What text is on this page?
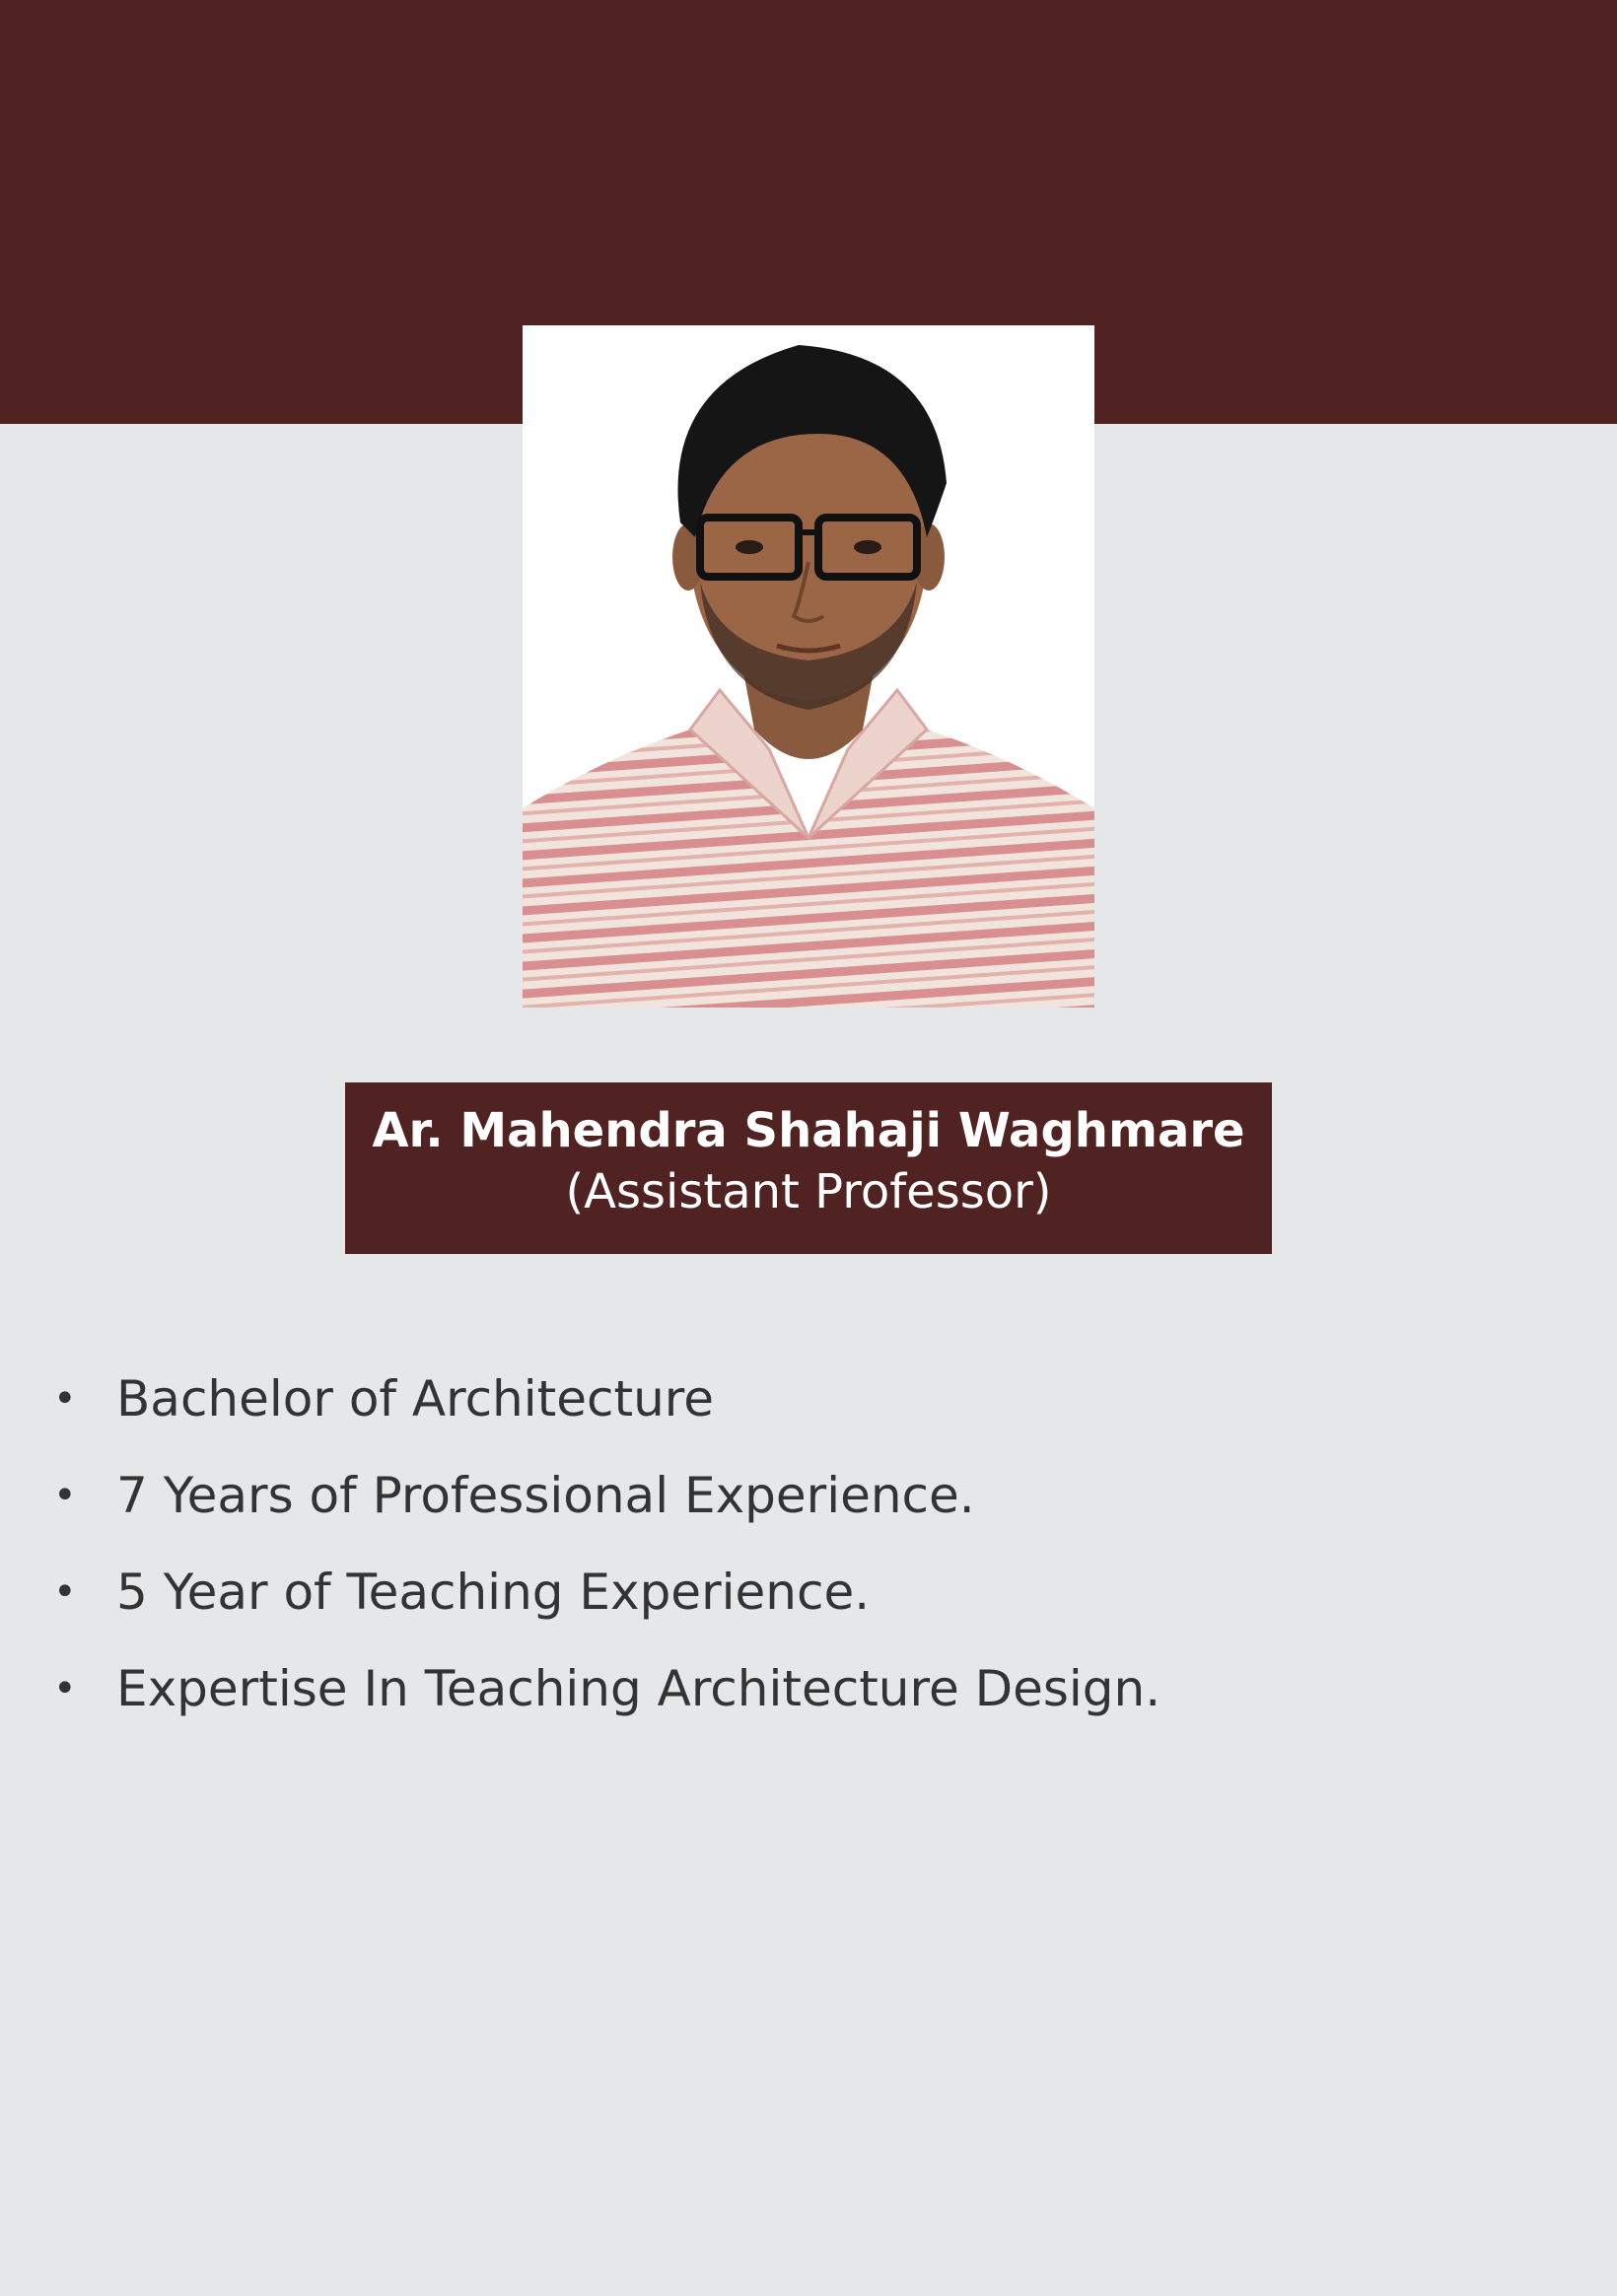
Ar. Mahendra Shahaji Waghmare
(Assistant Professor)
• Bachelor of Architecture
• 7 Years of Professional Experience.
• 5 Year of Teaching Experience.
• Expertise In Teaching Architecture Design.
